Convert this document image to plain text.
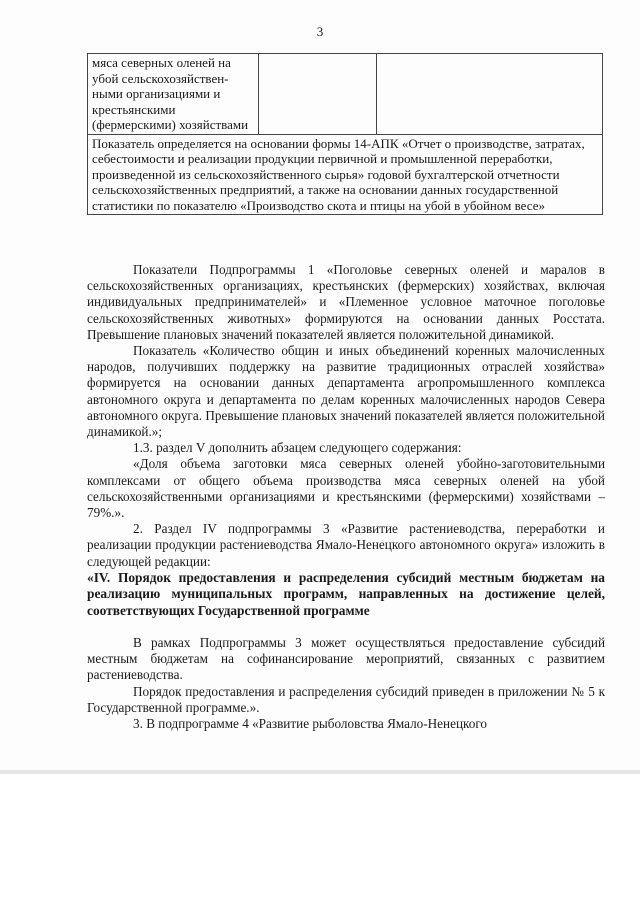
3
мяса северных оленей на убой сельскохозяйствен-ными организациями и крестьянскими (фермерскими) хозяйствами		
Показатель определяется на основании формы 14-АПК «Отчет о производстве, затратах, себестоимости и реализации продукции первичной и промышленной переработки, произведенной из сельскохозяйственного сырья» годовой бухгалтерской отчетности сельскохозяйственных предприятий, а также на основании данных государственной статистики по показателю «Производство скота и птицы на убой в убойном весе»

Показатели Подпрограммы 1 «Поголовье северных оленей и маралов в сельскохозяйственных организациях, крестьянских (фермерских) хозяйствах, включая индивидуальных предпринимателей» и «Племенное условное маточное поголовье сельскохозяйственных животных» формируются на основании данных Росстата. Превышение плановых значений показателей является положительной динамикой.

Показатель «Количество общин и иных объединений коренных малочисленных народов, получивших поддержку на развитие традиционных отраслей хозяйства» формируется на основании данных департамента агропромышленного комплекса автономного округа и департамента по делам коренных малочисленных народов Севера автономного округа. Превышение плановых значений показателей является положительной динамикой.»;

1.3. раздел V дополнить абзацем следующего содержания:

«Доля объема заготовки мяса северных оленей убойно-заготовительными комплексами от общего объема производства мяса северных оленей на убой сельскохозяйственными организациями и крестьянскими (фермерскими) хозяйствами – 79%.».

2. Раздел IV подпрограммы 3 «Развитие растениеводства, переработки и реализации продукции растениеводства Ямало-Ненецкого автономного округа» изложить в следующей редакции:

«IV. Порядок предоставления и распределения субсидий местным бюджетам на реализацию муниципальных программ, направленных на достижение целей, соответствующих Государственной программе

В рамках Подпрограммы 3 может осуществляться предоставление субсидий местным бюджетам на софинансирование мероприятий, связанных с развитием растениеводства.

Порядок предоставления и распределения субсидий приведен в приложении № 5 к Государственной программе.».

3. В подпрограмме 4 «Развитие рыболовства Ямало-Ненецкого
